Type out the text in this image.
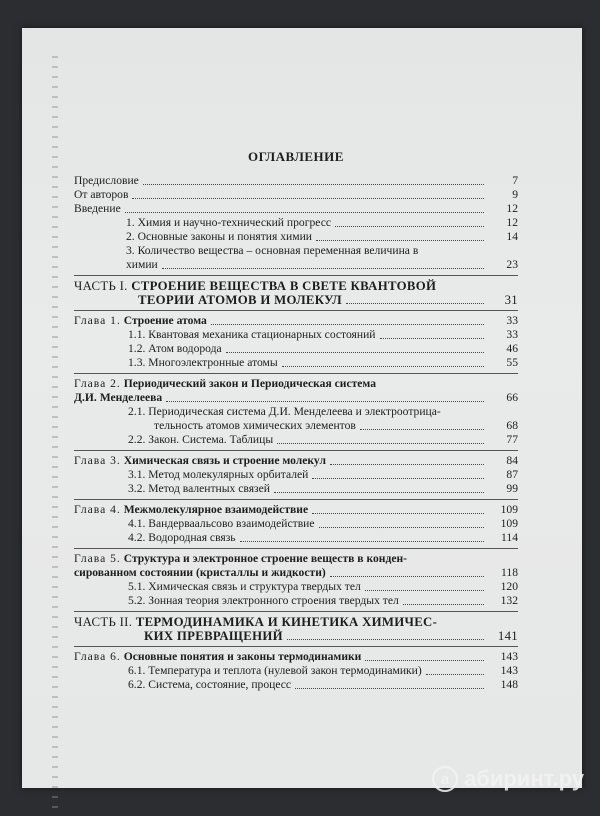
ОГЛАВЛЕНИЕ
Предисловие	7
От авторов	9
Введение	12
1. Химия и научно-технический прогресс	12
2. Основные законы и понятия химии	14
3. Количество вещества – основная переменная величина в
химии	23
ЧАСТЬ I. СТРОЕНИЕ ВЕЩЕСТВА В СВЕТЕ КВАНТОВОЙ
ТЕОРИИ АТОМОВ И МОЛЕКУЛ	31
Глава 1. Строение атома	33
1.1. Квантовая механика стационарных состояний	33
1.2. Атом водорода	46
1.3. Многоэлектронные атомы	55
Глава 2. Периодический закон и Периодическая система
Д.И. Менделеева	66
2.1. Периодическая система Д.И. Менделеева и электроотрица-
тельность атомов химических элементов	68
2.2. Закон. Система. Таблицы	77
Глава 3. Химическая связь и строение молекул	84
3.1. Метод молекулярных орбиталей	87
3.2. Метод валентных связей	99
Глава 4. Межмолекулярное взаимодействие	109
4.1. Вандерваальсово взаимодействие	109
4.2. Водородная связь	114
Глава 5. Структура и электронное строение веществ в конден-
сированном состоянии (кристаллы и жидкости)	118
5.1. Химическая связь и структура твердых тел	120
5.2. Зонная теория электронного строения твердых тел	132
ЧАСТЬ II. ТЕРМОДИНАМИКА И КИНЕТИКА ХИМИЧЕС-
КИХ ПРЕВРАЩЕНИЙ	141
Глава 6. Основные понятия и законы термодинамики	143
6.1. Температура и теплота (нулевой закон термодинамики)	143
6.2. Система, состояние, процесс	148
a абиринт.ру
